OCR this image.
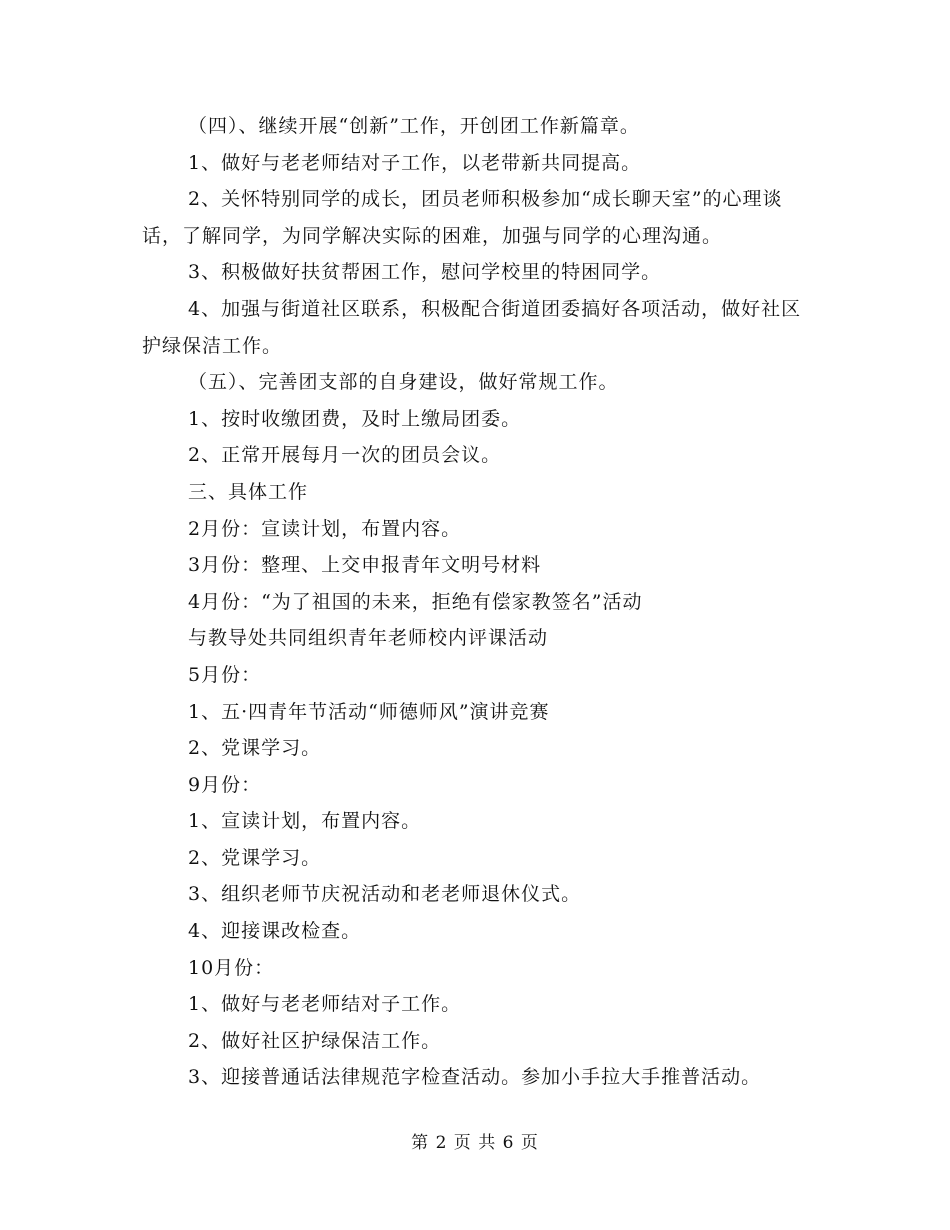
（四）、继续开展“创新”工作，开创团工作新篇章。

1、做好与老老师结对子工作，以老带新共同提高。

2、关怀特别同学的成长，团员老师积极参加“成长聊天室”的心理谈话，了解同学，为同学解决实际的困难，加强与同学的心理沟通。

3、积极做好扶贫帮困工作，慰问学校里的特困同学。

4、加强与街道社区联系，积极配合街道团委搞好各项活动，做好社区护绿保洁工作。

（五）、完善团支部的自身建设，做好常规工作。

1、按时收缴团费，及时上缴局团委。

2、正常开展每月一次的团员会议。

三、具体工作

2月份：宣读计划，布置内容。

3月份：整理、上交申报青年文明号材料

4月份：“为了祖国的未来，拒绝有偿家教签名”活动

与教导处共同组织青年老师校内评课活动

5月份：

1、五·四青年节活动“师德师风”演讲竞赛

2、党课学习。

9月份：

1、宣读计划，布置内容。

2、党课学习。

3、组织老师节庆祝活动和老老师退休仪式。

4、迎接课改检查。

10月份：

1、做好与老老师结对子工作。

2、做好社区护绿保洁工作。

3、迎接普通话法律规范字检查活动。参加小手拉大手推普活动。

第 2 页 共 6 页
